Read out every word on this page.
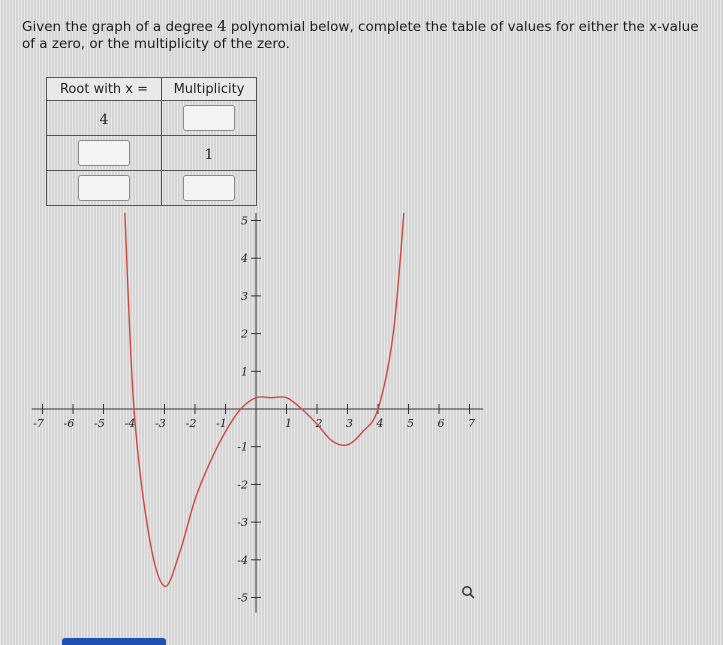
Given the graph of a degree 4 polynomial below, complete the table of values for either the x-value of a zero, or the multiplicity of the zero.
Root with x =	Multiplicity
4	
	1

-7 -6 -5 -4 -3 -2 -1	1 2 3 4 5 6 7
5
4
3
2
1
-1
-2
-3
-4
-5
